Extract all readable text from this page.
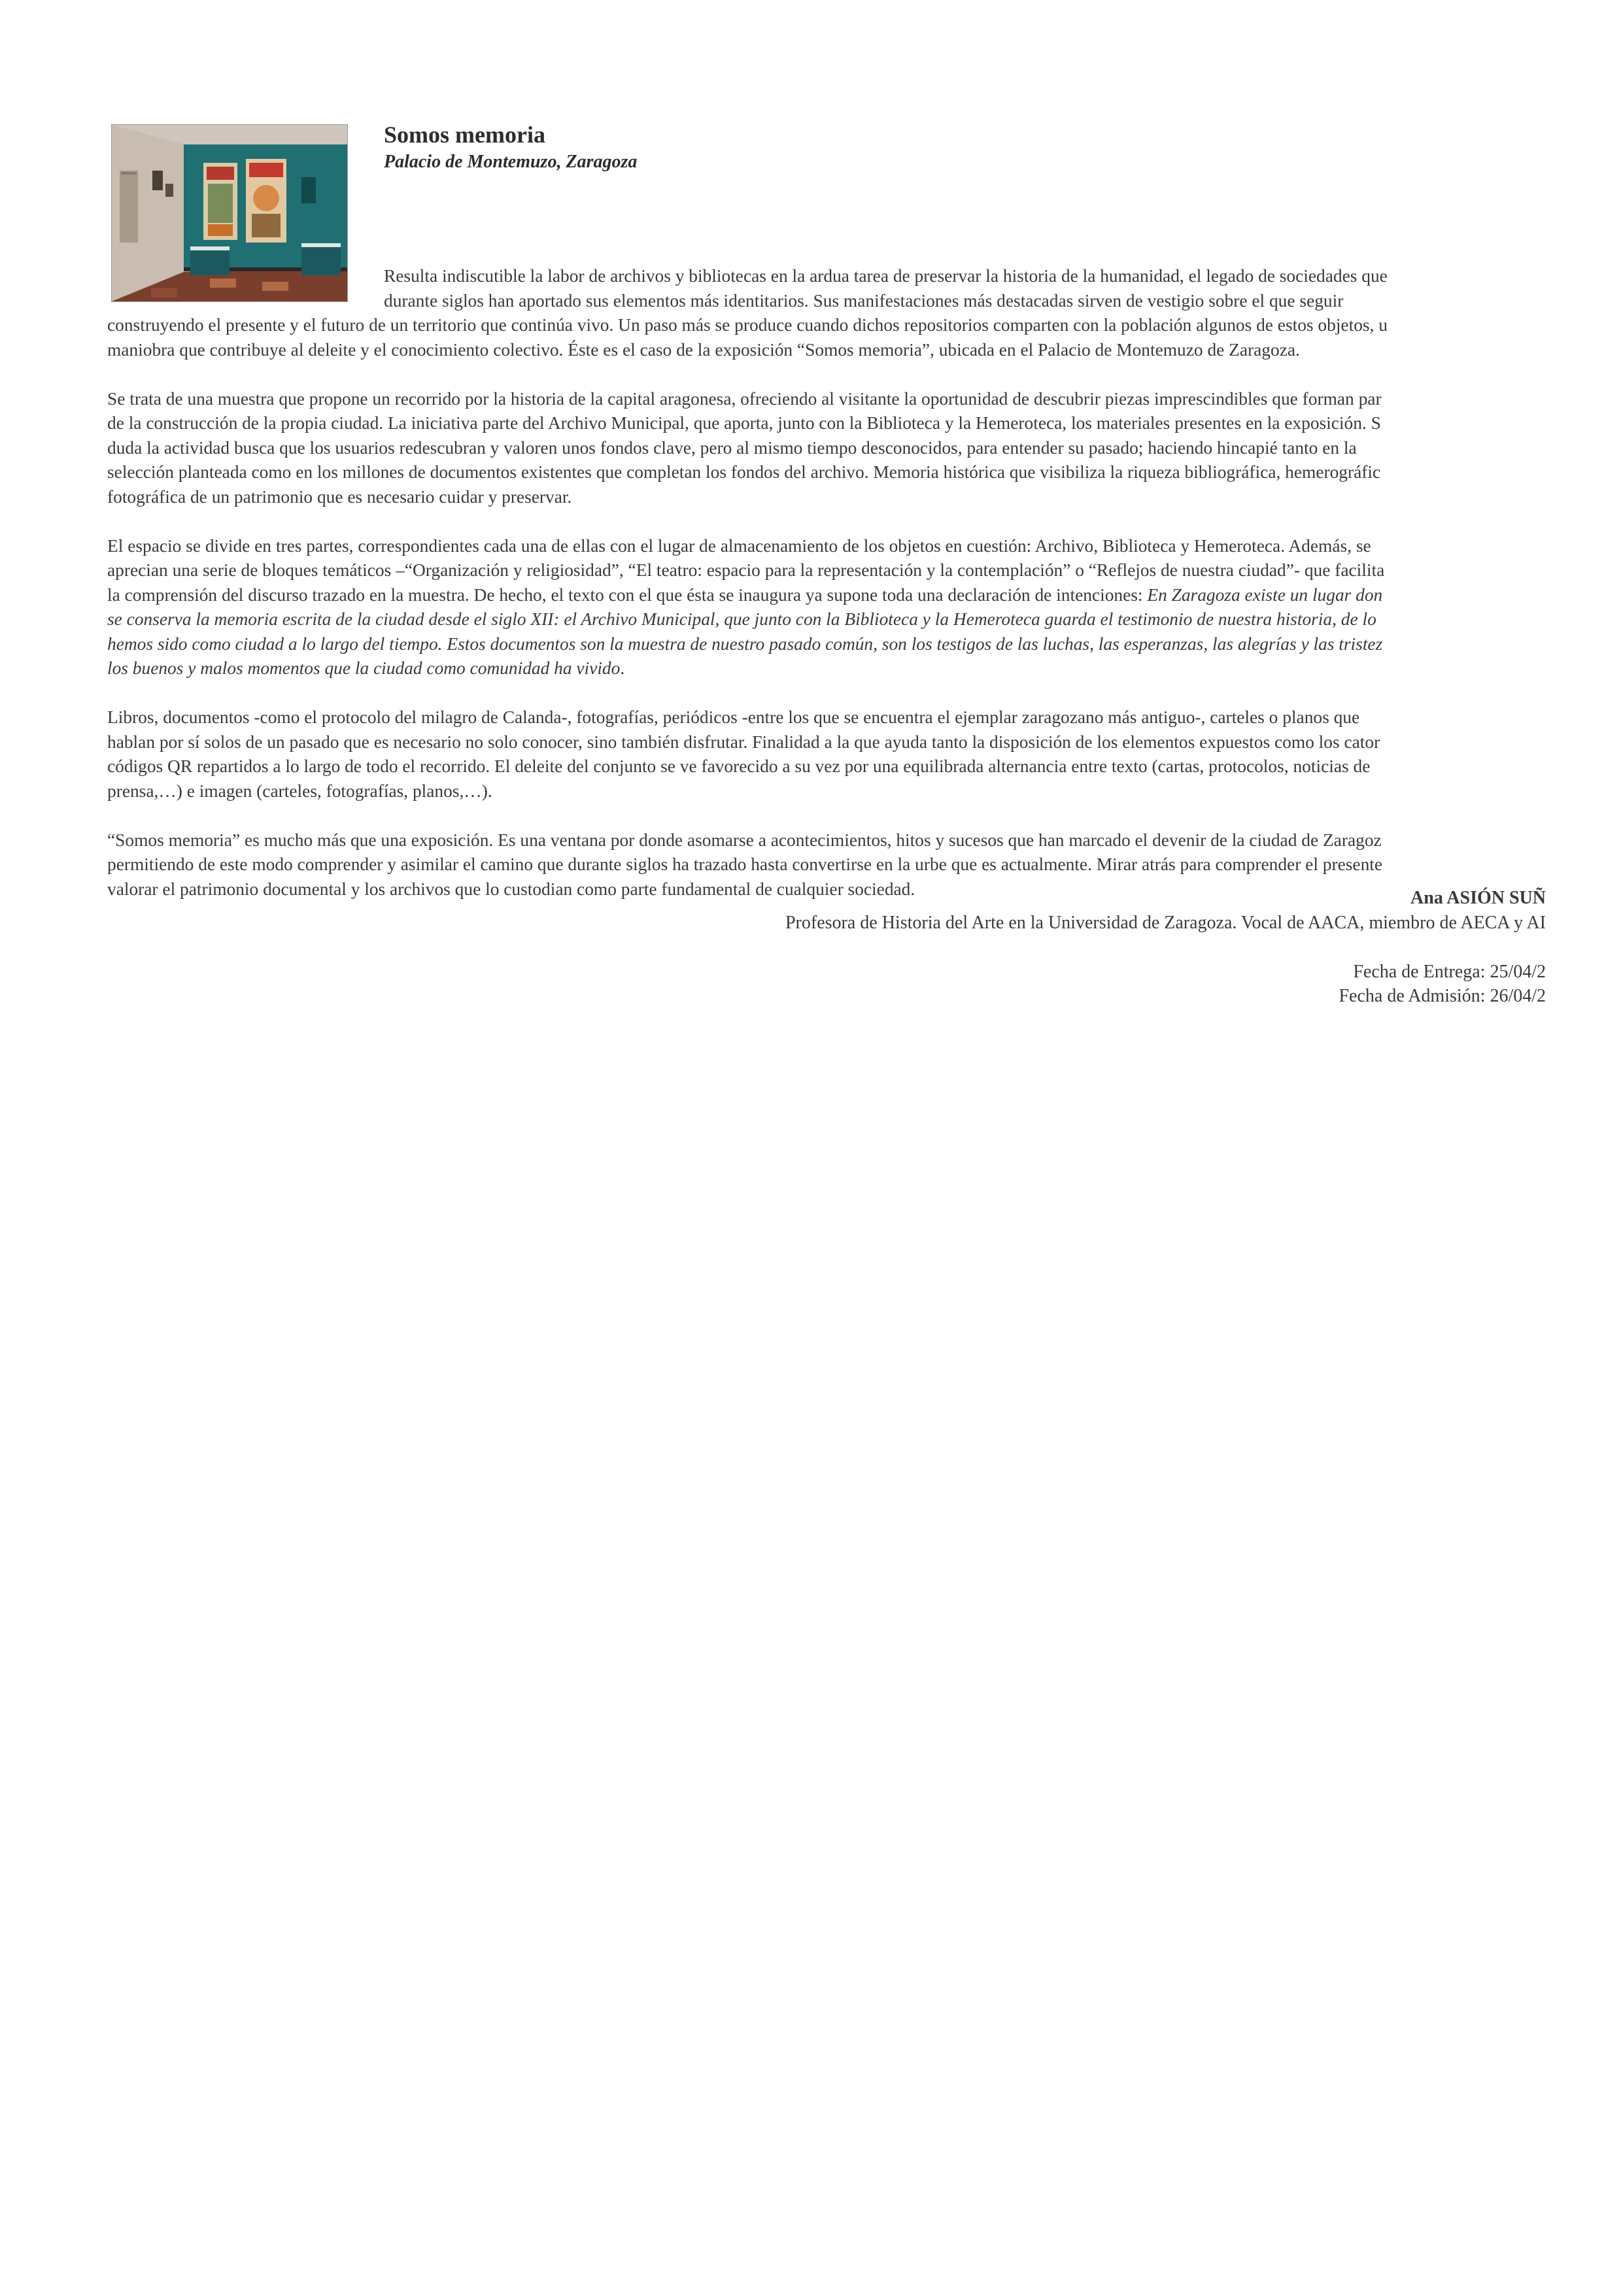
Somos memoria
Palacio de Montemuzo, Zaragoza
Resulta indiscutible la labor de archivos y bibliotecas en la ardua tarea de preservar la historia de la humanidad, el legado de sociedades que
durante siglos han aportado sus elementos más identitarios. Sus manifestaciones más destacadas sirven de vestigio sobre el que seguir
construyendo el presente y el futuro de un territorio que continúa vivo. Un paso más se produce cuando dichos repositorios comparten con la población algunos de estos objetos, u
maniobra que contribuye al deleite y el conocimiento colectivo. Éste es el caso de la exposición “Somos memoria”, ubicada en el Palacio de Montemuzo de Zaragoza.
Se trata de una muestra que propone un recorrido por la historia de la capital aragonesa, ofreciendo al visitante la oportunidad de descubrir piezas imprescindibles que forman par
de la construcción de la propia ciudad. La iniciativa parte del Archivo Municipal, que aporta, junto con la Biblioteca y la Hemeroteca, los materiales presentes en la exposición. S
duda la actividad busca que los usuarios redescubran y valoren unos fondos clave, pero al mismo tiempo desconocidos, para entender su pasado; haciendo hincapié tanto en la
selección planteada como en los millones de documentos existentes que completan los fondos del archivo. Memoria histórica que visibiliza la riqueza bibliográfica, hemerográfic
fotográfica de un patrimonio que es necesario cuidar y preservar.
El espacio se divide en tres partes, correspondientes cada una de ellas con el lugar de almacenamiento de los objetos en cuestión: Archivo, Biblioteca y Hemeroteca. Además, se
aprecian una serie de bloques temáticos –“Organización y religiosidad”, “El teatro: espacio para la representación y la contemplación” o “Reflejos de nuestra ciudad”- que facilita
la comprensión del discurso trazado en la muestra. De hecho, el texto con el que ésta se inaugura ya supone toda una declaración de intenciones: En Zaragoza existe un lugar don
se conserva la memoria escrita de la ciudad desde el siglo XII: el Archivo Municipal, que junto con la Biblioteca y la Hemeroteca guarda el testimonio de nuestra historia, de lo
hemos sido como ciudad a lo largo del tiempo. Estos documentos son la muestra de nuestro pasado común, son los testigos de las luchas, las esperanzas, las alegrías y las tristez
los buenos y malos momentos que la ciudad como comunidad ha vivido.
Libros, documentos -como el protocolo del milagro de Calanda-, fotografías, periódicos -entre los que se encuentra el ejemplar zaragozano más antiguo-, carteles o planos que
hablan por sí solos de un pasado que es necesario no solo conocer, sino también disfrutar. Finalidad a la que ayuda tanto la disposición de los elementos expuestos como los cator
códigos QR repartidos a lo largo de todo el recorrido. El deleite del conjunto se ve favorecido a su vez por una equilibrada alternancia entre texto (cartas, protocolos, noticias de
prensa,…) e imagen (carteles, fotografías, planos,…).
“Somos memoria” es mucho más que una exposición. Es una ventana por donde asomarse a acontecimientos, hitos y sucesos que han marcado el devenir de la ciudad de Zaragoz
permitiendo de este modo comprender y asimilar el camino que durante siglos ha trazado hasta convertirse en la urbe que es actualmente. Mirar atrás para comprender el presente
valorar el patrimonio documental y los archivos que lo custodian como parte fundamental de cualquier sociedad.	Ana ASIÓN SUÑ
Profesora de Historia del Arte en la Universidad de Zaragoza. Vocal de AACA, miembro de AECA y AI
Fecha de Entrega: 25/04/2
Fecha de Admisión: 26/04/2
